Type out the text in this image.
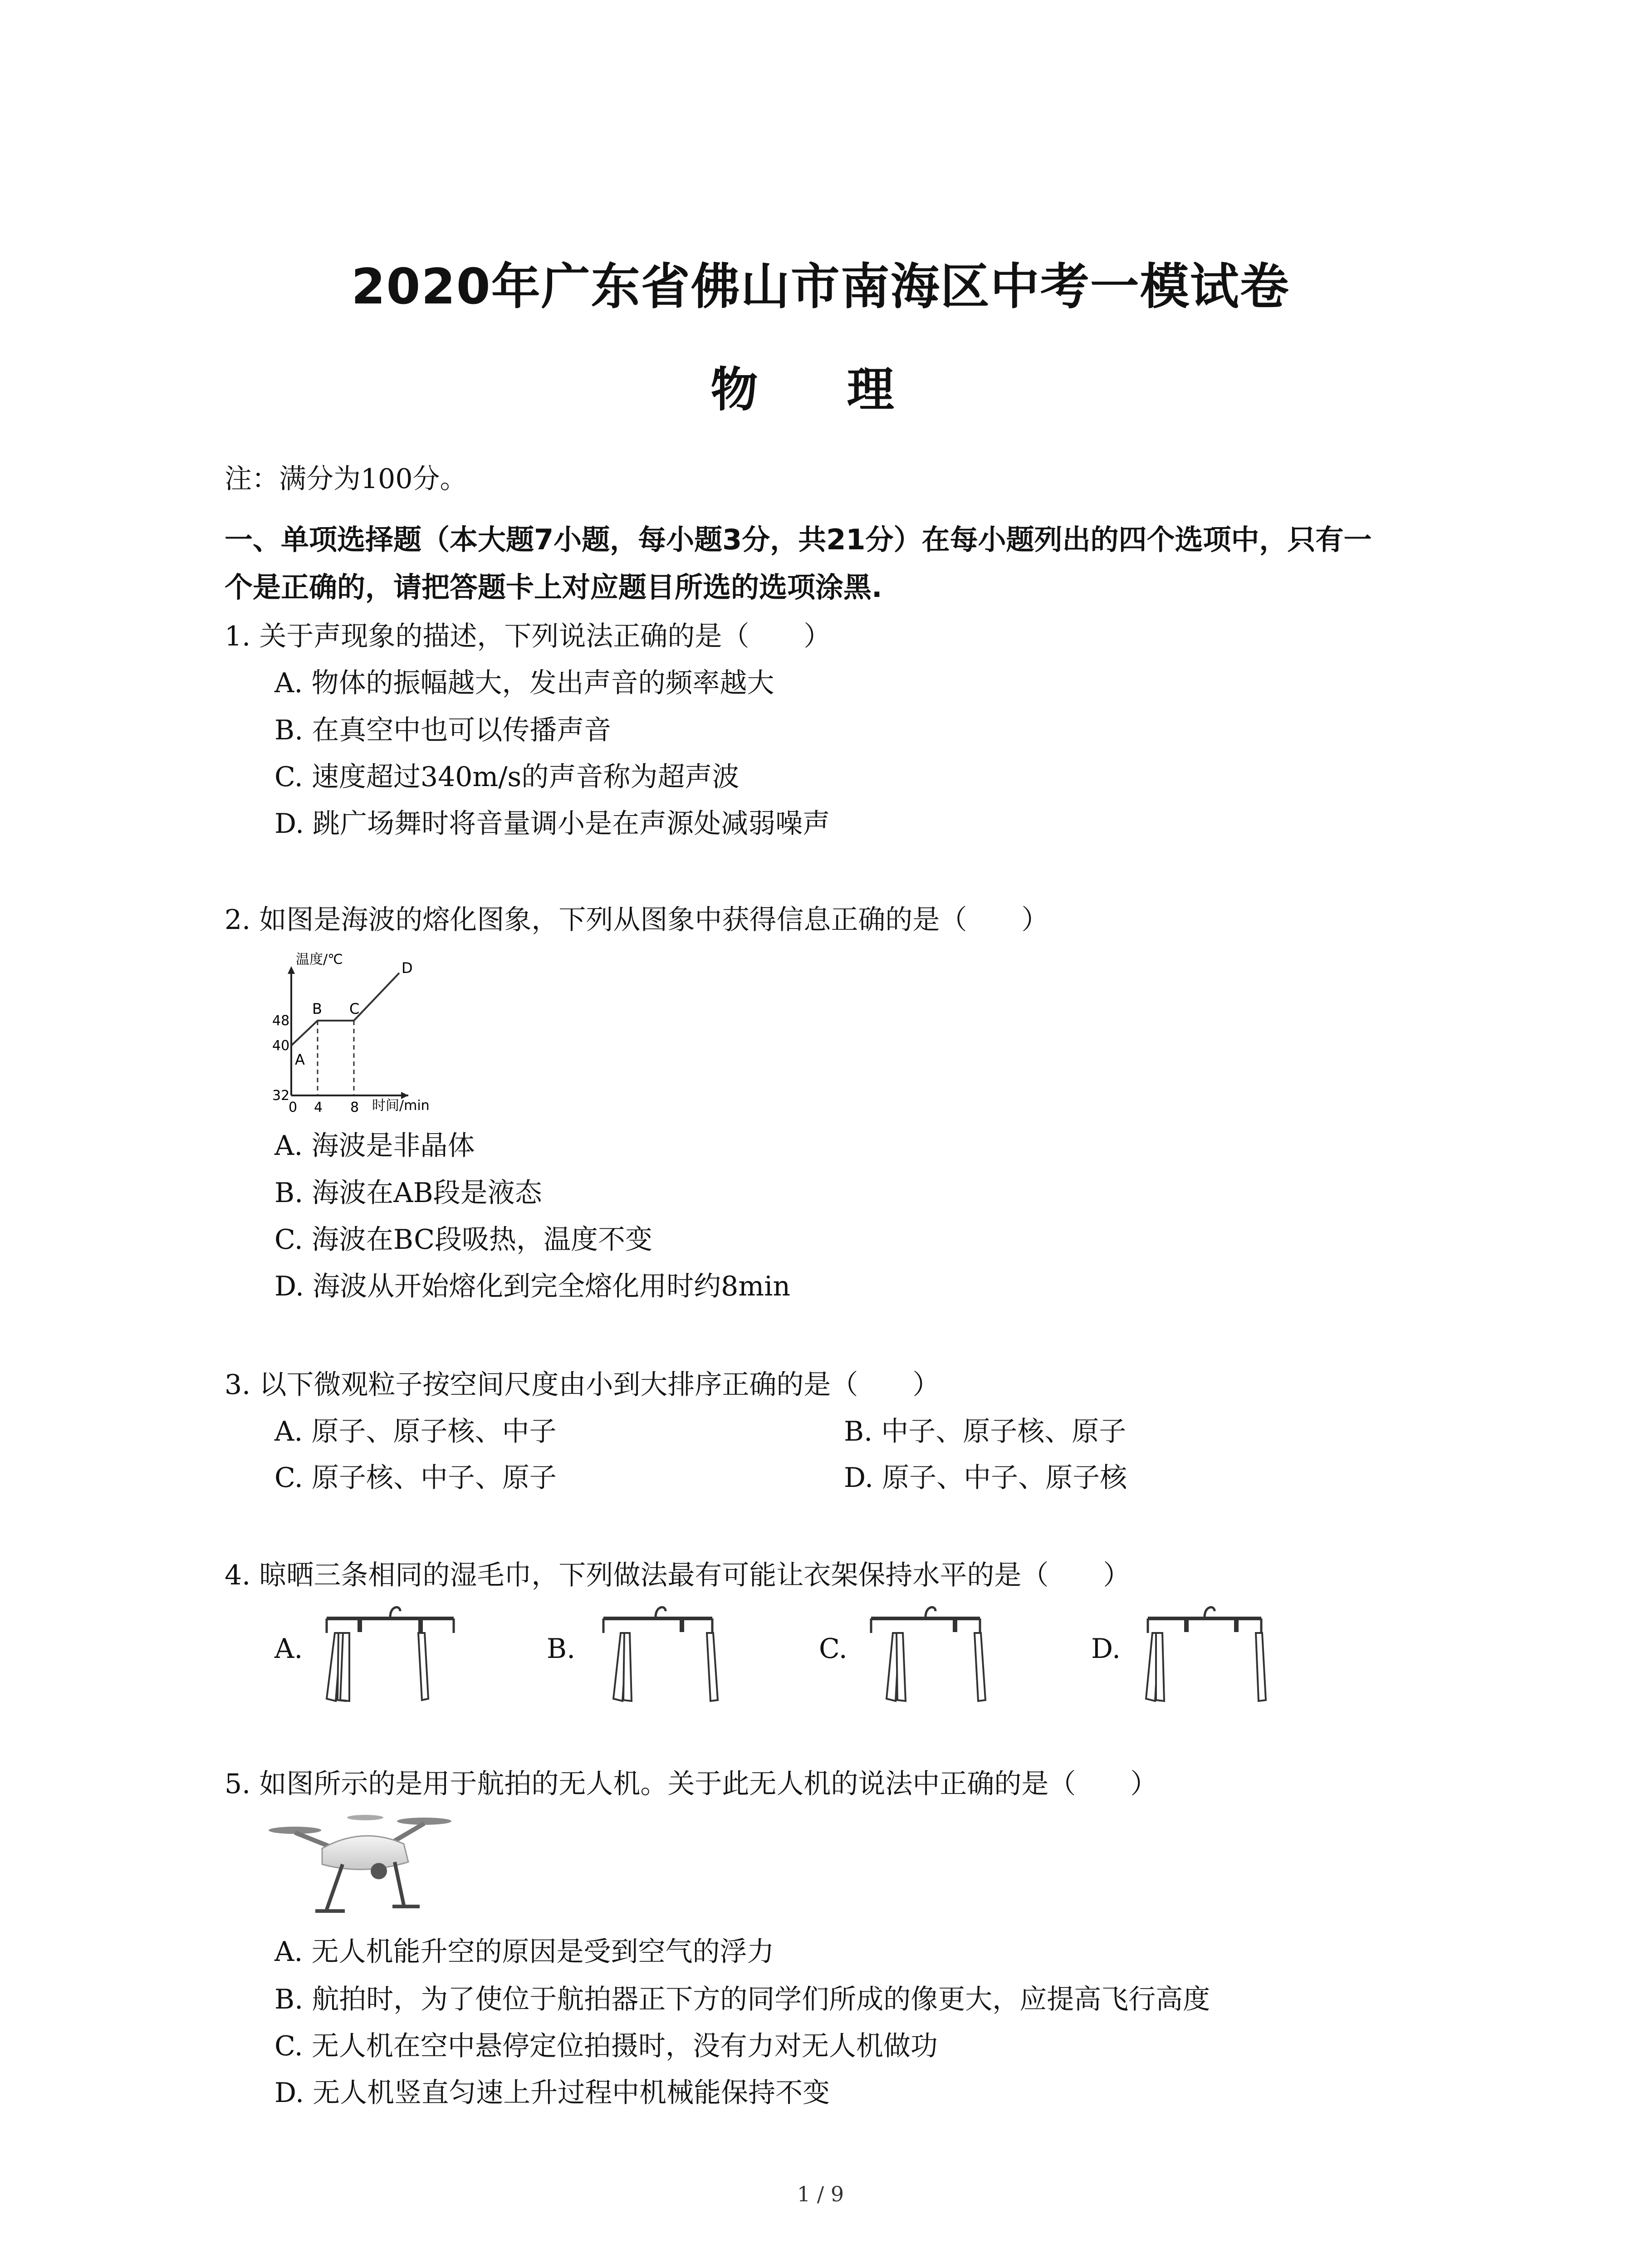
2020年广东省佛山市南海区中考一模试卷
物 理
注：满分为100分。
一、单项选择题（本大题7小题，每小题3分，共21分）在每小题列出的四个选项中，只有一
个是正确的，请把答题卡上对应题目所选的选项涂黑.
1. 关于声现象的描述，下列说法正确的是（　　）
A. 物体的振幅越大，发出声音的频率越大
B. 在真空中也可以传播声音
C. 速度超过340m/s的声音称为超声波
D. 跳广场舞时将音量调小是在声源处减弱噪声
2. 如图是海波的熔化图象，下列从图象中获得信息正确的是（　　）
温度/℃
时间/min
48
40
32
0 4 8
A
B C
D
A. 海波是非晶体
B. 海波在AB段是液态
C. 海波在BC段吸热，温度不变
D. 海波从开始熔化到完全熔化用时约8min
3. 以下微观粒子按空间尺度由小到大排序正确的是（　　）
A. 原子、原子核、中子	B. 中子、原子核、原子
C. 原子核、中子、原子	D. 原子、中子、原子核
4. 晾晒三条相同的湿毛巾，下列做法最有可能让衣架保持水平的是（　　）
A.	B.	C.	D.
5. 如图所示的是用于航拍的无人机。关于此无人机的说法中正确的是（　　）
A. 无人机能升空的原因是受到空气的浮力
B. 航拍时，为了使位于航拍器正下方的同学们所成的像更大，应提高飞行高度
C. 无人机在空中悬停定位拍摄时，没有力对无人机做功
D. 无人机竖直匀速上升过程中机械能保持不变
1 / 9
